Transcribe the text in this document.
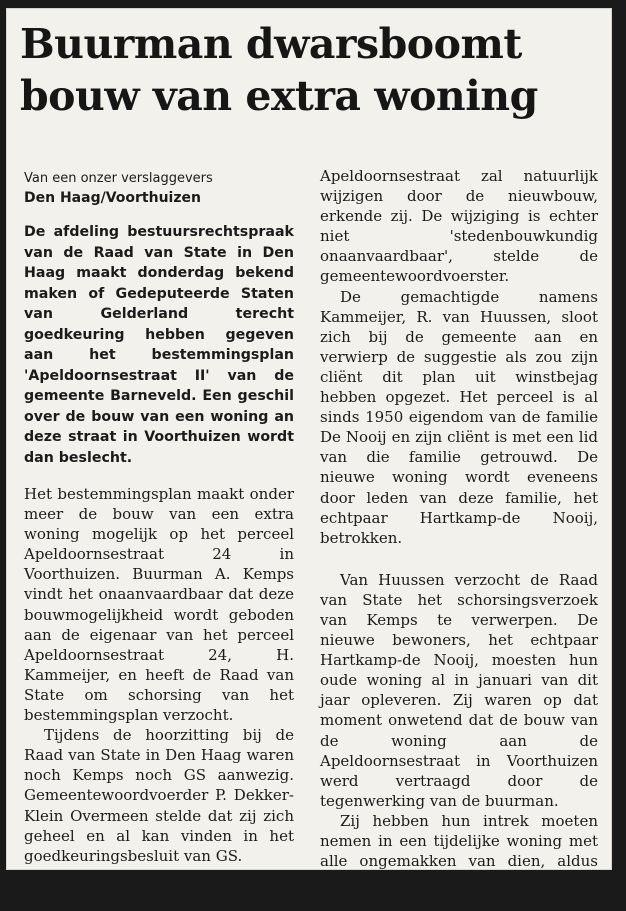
Buurman dwarsboomt
bouw van extra woning

Van een onzer verslaggevers

Den Haag/Voorthuizen

De afdeling bestuursrechtspraak van de Raad van State in Den Haag maakt donderdag bekend maken of Gedeputeerde Staten van Gelderland terecht goedkeuring hebben gegeven aan het bestemmingsplan 'Apeldoornsestraat II' van de gemeente Barneveld. Een geschil over de bouw van een woning an deze straat in Voorthuizen wordt dan beslecht.

Het bestemmingsplan maakt onder meer de bouw van een extra woning mogelijk op het perceel Apeldoornsestraat 24 in Voorthuizen. Buurman A. Kemps vindt het onaanvaardbaar dat deze bouwmogelijkheid wordt geboden aan de eigenaar van het perceel Apeldoornsestraat 24, H. Kammeijer, en heeft de Raad van State om schorsing van het bestemmingsplan verzocht.

Tijdens de hoorzitting bij de Raad van State in Den Haag waren noch Kemps noch GS aanwezig. Gemeentewoordvoerder P. Dekker-Klein Overmeen stelde dat zij zich geheel en al kan vinden in het goedkeuringsbesluit van GS.

Het aanzien van dit deel van de

Apeldoornsestraat zal natuurlijk wijzigen door de nieuwbouw, erkende zij. De wijziging is echter niet 'stedenbouwkundig onaanvaardbaar', stelde de gemeentewoordvoerster.

De gemachtigde namens Kammeijer, R. van Huussen, sloot zich bij de gemeente aan en verwierp de suggestie als zou zijn cliënt dit plan uit winstbejag hebben opgezet. Het perceel is al sinds 1950 eigendom van de familie De Nooij en zijn cliënt is met een lid van die familie getrouwd. De nieuwe woning wordt eveneens door leden van deze familie, het echtpaar Hartkamp-de Nooij, betrokken.

Van Huussen verzocht de Raad van State het schorsingsverzoek van Kemps te verwerpen. De nieuwe bewoners, het echtpaar Hartkamp-de Nooij, moesten hun oude woning al in januari van dit jaar opleveren. Zij waren op dat moment onwetend dat de bouw van de woning aan de Apeldoornsestraat in Voorthuizen werd vertraagd door de tegenwerking van de buurman.

Zij hebben hun intrek moeten nemen in een tijdelijke woning met alle ongemakken van dien, aldus van Huussen tijdens de hoorzitting in Den Haag.
